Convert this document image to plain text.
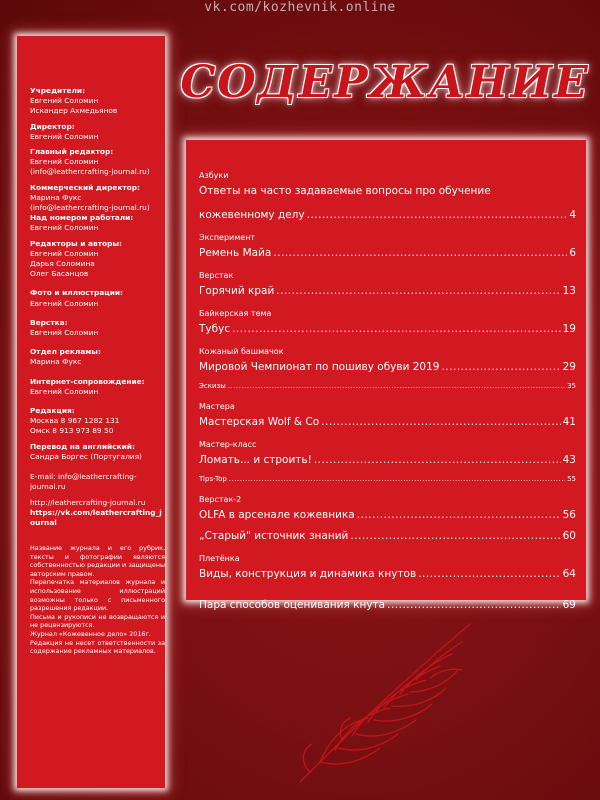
vk.com/kozhevnik.online
Учредители:
Евгений Соломин
Искандер Ахмедьянов
Директор:
Евгений Соломин
Главный редактор:
Евгений Соломин
(info@leathercrafting-journal.ru)
Коммерческий директор:
Марина Фукс
(info@leathercrafting-journal.ru)
Над номером работали:
Евгений Соломин
Редакторы и авторы:
Евгений Соломин
Дарья Соломина
Олег Басанцов
Фото и иллюстрации:
Евгений Соломин
Верстка:
Евгений Соломин
Отдел рекламы:
Марина Фукс
Интернет-сопровождение:
Евгений Соломин
Редакция:
Москва 8 967 1282 131
Омск 8 913 973 89 50
Перевод на английский:
Сандра Боргес (Португалия)
E-mail: info@leathercrafting-journal.ru
http://leathercrafting-journal.ru
https://vk.com/leathercrafting_journal

Название журнала и его рубрик, тексты и фотографии являются собственностью редакции и защищены авторским правом.

Перепечатка материалов журнала и использование иллюстраций возможны только с письменного разрешения редакции.

Письма и рукописи не возвращаются и не рецензируются.

Журнал «Кожевенное дело» 2016г.

Редакция не несет ответственности за содержание рекламных материалов.

СОДЕРЖАНИЕ
Азбуки
Ответы на часто задаваемые вопросы про обучение
кожевенному делу .....	4
Эксперимент
Ремень Майа .....	6
Верстак
Горячий край .....	13
Байкерская тема
Тубус .....	19
Кожаный башмачок
Мировой Чемпионат по пошиву обуви 2019 .....	29
Эскизы .....	35
Мастера
Мастерская Wolf & Co .....	41
Мастер-класс
Ломать... и строить! .....	43
Tips-Top .....	55
Верстак-2
OLFA в арсенале кожевника .....	56
„Старый" источник знаний .....	60
Плетёнка
Виды, конструкция и динамика кнутов .....	64
Пара способов оценивания кнута .....	69
